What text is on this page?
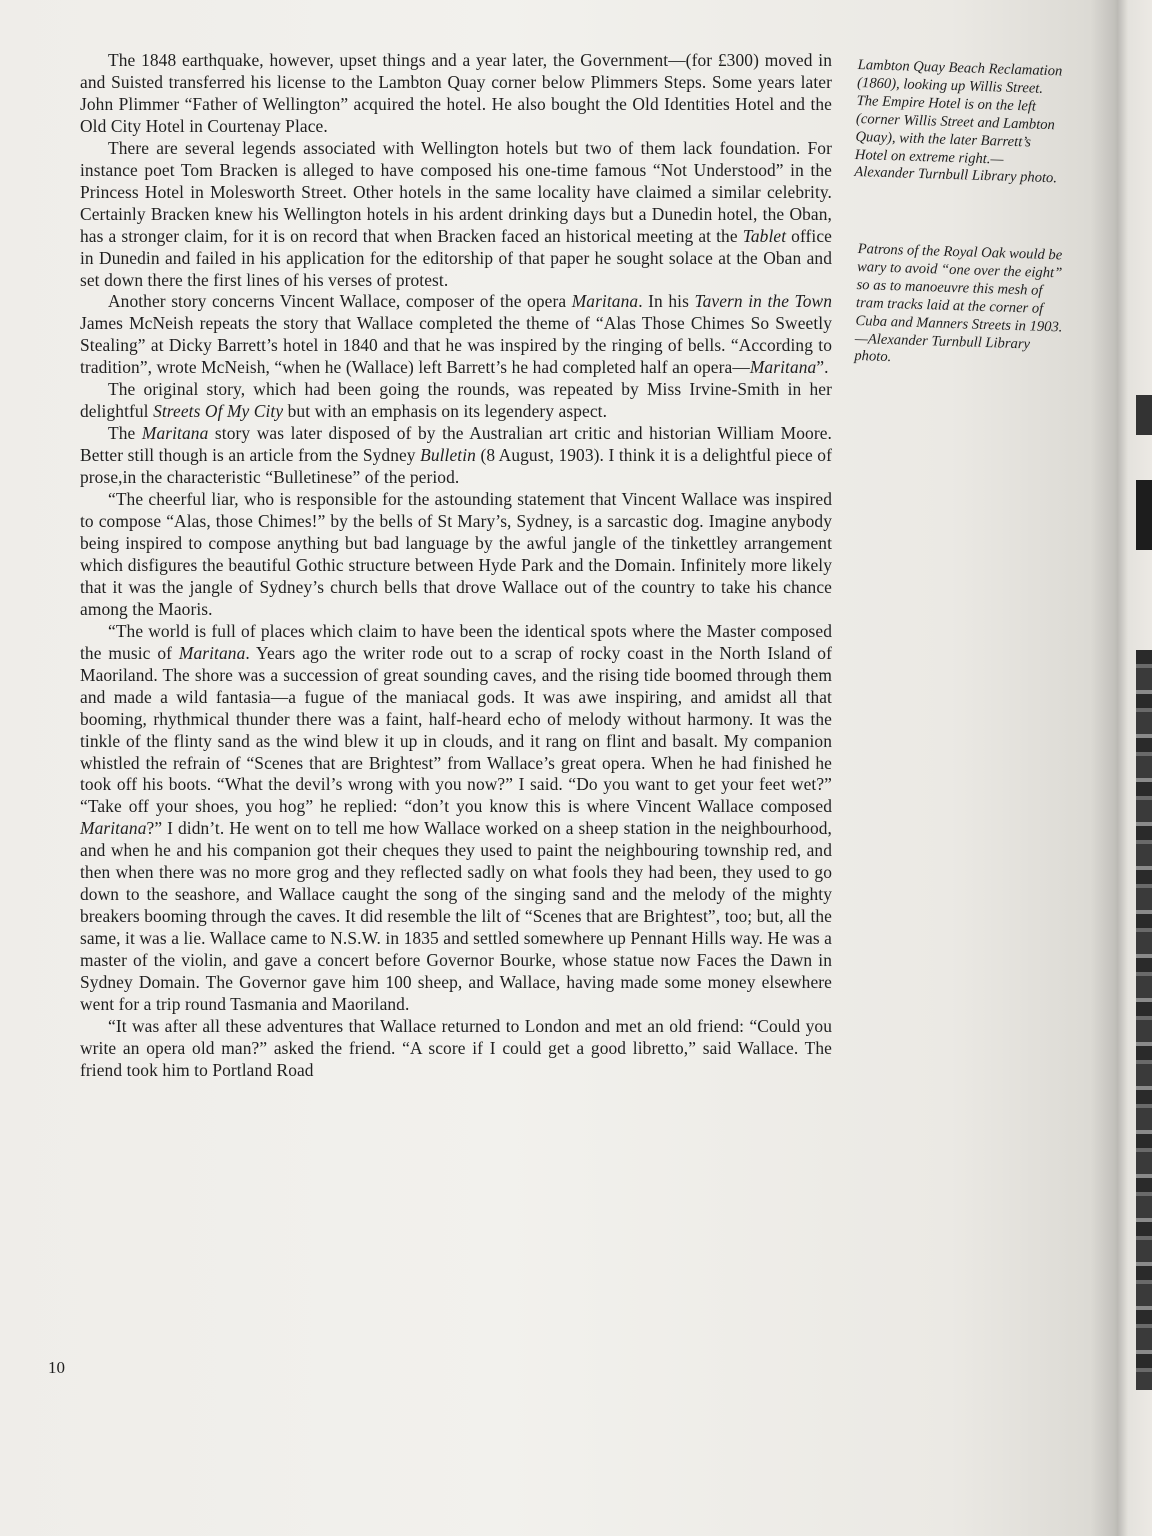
The 1848 earthquake, however, upset things and a year later, the Government—(for £300) moved in and Suisted transferred his license to the Lambton Quay corner below Plimmers Steps. Some years later John Plimmer “Father of Wellington” acquired the hotel. He also bought the Old Identities Hotel and the Old City Hotel in Courtenay Place.

There are several legends associated with Wellington hotels but two of them lack foundation. For instance poet Tom Bracken is alleged to have composed his one-time famous “Not Understood” in the Princess Hotel in Molesworth Street. Other hotels in the same locality have claimed a similar celebrity. Certainly Bracken knew his Wellington hotels in his ardent drinking days but a Dunedin hotel, the Oban, has a stronger claim, for it is on record that when Bracken faced an historical meeting at the Tablet office in Dunedin and failed in his application for the editorship of that paper he sought solace at the Oban and set down there the first lines of his verses of protest.

Another story concerns Vincent Wallace, composer of the opera Maritana. In his Tavern in the Town James McNeish repeats the story that Wallace completed the theme of “Alas Those Chimes So Sweetly Stealing” at Dicky Barrett’s hotel in 1840 and that he was inspired by the ringing of bells. “According to tradition”, wrote McNeish, “when he (Wallace) left Barrett’s he had completed half an opera—Maritana”.

The original story, which had been going the rounds, was repeated by Miss Irvine-Smith in her delightful Streets Of My City but with an emphasis on its legendery aspect.

The Maritana story was later disposed of by the Australian art critic and historian William Moore. Better still though is an article from the Sydney Bulletin (8 August, 1903). I think it is a delightful piece of prose,in the characteristic “Bulletinese” of the period.

“The cheerful liar, who is responsible for the astounding statement that Vincent Wallace was inspired to compose “Alas, those Chimes!” by the bells of St Mary’s, Sydney, is a sarcastic dog. Imagine anybody being inspired to compose anything but bad language by the awful jangle of the tinkettley arrangement which disfigures the beautiful Gothic structure between Hyde Park and the Domain. Infinitely more likely that it was the jangle of Sydney’s church bells that drove Wallace out of the country to take his chance among the Maoris.

“The world is full of places which claim to have been the identical spots where the Master composed the music of Maritana. Years ago the writer rode out to a scrap of rocky coast in the North Island of Maoriland. The shore was a succession of great sounding caves, and the rising tide boomed through them and made a wild fantasia—a fugue of the maniacal gods. It was awe inspiring, and amidst all that booming, rhythmical thunder there was a faint, half-heard echo of melody without harmony. It was the tinkle of the flinty sand as the wind blew it up in clouds, and it rang on flint and basalt. My companion whistled the refrain of “Scenes that are Brightest” from Wallace’s great opera. When he had finished he took off his boots. “What the devil’s wrong with you now?” I said. “Do you want to get your feet wet?” “Take off your shoes, you hog” he replied: “don’t you know this is where Vincent Wallace composed Maritana?” I didn’t. He went on to tell me how Wallace worked on a sheep station in the neighbourhood, and when he and his companion got their cheques they used to paint the neighbouring township red, and then when there was no more grog and they reflected sadly on what fools they had been, they used to go down to the seashore, and Wallace caught the song of the singing sand and the melody of the mighty breakers booming through the caves. It did resemble the lilt of “Scenes that are Brightest”, too; but, all the same, it was a lie. Wallace came to N.S.W. in 1835 and settled somewhere up Pennant Hills way. He was a master of the violin, and gave a concert before Governor Bourke, whose statue now Faces the Dawn in Sydney Domain. The Governor gave him 100 sheep, and Wallace, having made some money elsewhere went for a trip round Tasmania and Maoriland.

“It was after all these adventures that Wallace returned to London and met an old friend: “Could you write an opera old man?” asked the friend. “A score if I could get a good libretto,” said Wallace. The friend took him to Portland Road

Lambton Quay Beach Reclamation (1860), looking up Willis Street. The Empire Hotel is on the left (corner Willis Street and Lambton Quay), with the later Barrett’s Hotel on extreme right.—Alexander Turnbull Library photo.
Patrons of the Royal Oak would be wary to avoid “one over the eight” so as to manoeuvre this mesh of tram tracks laid at the corner of Cuba and Manners Streets in 1903.—Alexander Turnbull Library photo.
10
